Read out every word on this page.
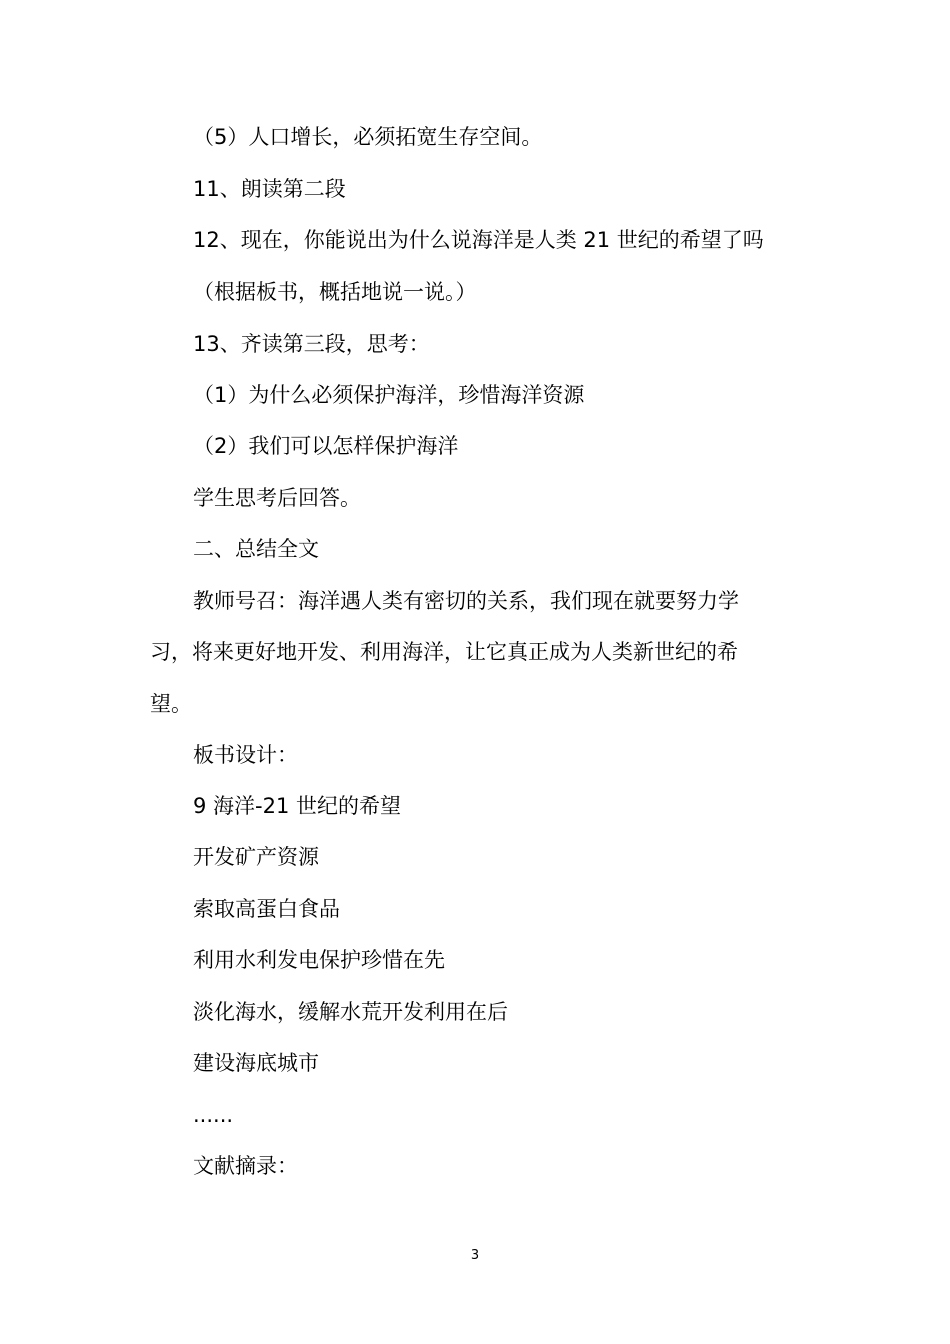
（5）人口增长，必须拓宽生存空间。

11、朗读第二段

12、现在，你能说出为什么说海洋是人类 21 世纪的希望了吗

（根据板书，概括地说一说。）

13、齐读第三段，思考：

（1）为什么必须保护海洋，珍惜海洋资源

（2）我们可以怎样保护海洋

学生思考后回答。

二、总结全文

教师号召：海洋遇人类有密切的关系，我们现在就要努力学

习，将来更好地开发、利用海洋，让它真正成为人类新世纪的希

望。

板书设计：

9 海洋-21 世纪的希望

开发矿产资源

索取高蛋白食品

利用水利发电保护珍惜在先

淡化海水，缓解水荒开发利用在后

建设海底城市

......

文献摘录：

3
